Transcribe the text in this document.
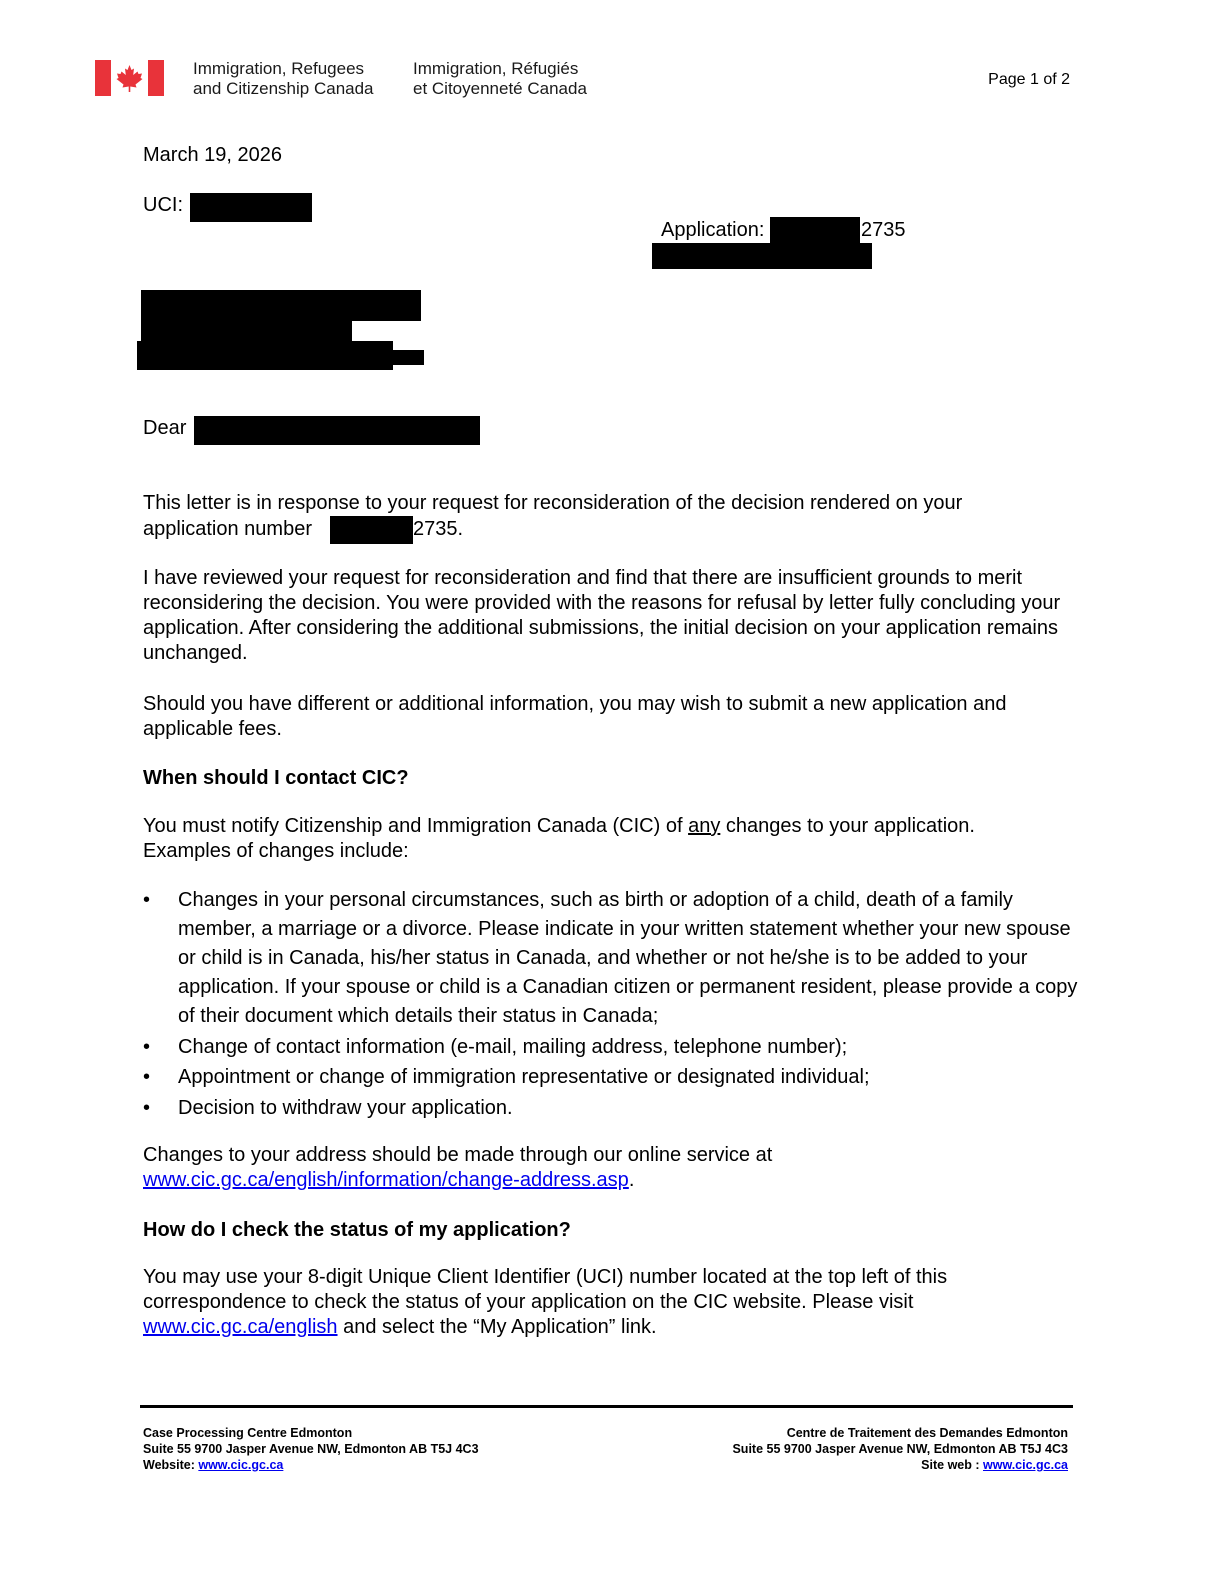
Immigration, Refugees
and Citizenship Canada
Immigration, Réfugiés
et Citoyenneté Canada	Page 1 of 2
March 19, 2026
UCI:
Application:	2735
Dear
This letter is in response to your request for reconsideration of the decision rendered on your
application number	2735.

I have reviewed your request for reconsideration and find that there are insufficient grounds to merit reconsidering the decision. You were provided with the reasons for refusal by letter fully concluding your application. After considering the additional submissions, the initial decision on your application remains unchanged.

Should you have different or additional information, you may wish to submit a new application and applicable fees.

When should I contact CIC?

You must notify Citizenship and Immigration Canada (CIC) of any changes to your application. Examples of changes include:

• Changes in your personal circumstances, such as birth or adoption of a child, death of a family member, a marriage or a divorce. Please indicate in your written statement whether your new spouse or child is in Canada, his/her status in Canada, and whether or not he/she is to be added to your application. If your spouse or child is a Canadian citizen or permanent resident, please provide a copy of their document which details their status in Canada;
• Change of contact information (e-mail, mailing address, telephone number);
• Appointment or change of immigration representative or designated individual;
• Decision to withdraw your application.

Changes to your address should be made through our online service at
www.cic.gc.ca/english/information/change-address.asp.

How do I check the status of my application?

You may use your 8-digit Unique Client Identifier (UCI) number located at the top left of this correspondence to check the status of your application on the CIC website. Please visit www.cic.gc.ca/english and select the “My Application” link.

Case Processing Centre Edmonton
Suite 55 9700 Jasper Avenue NW, Edmonton AB T5J 4C3
Website: www.cic.gc.ca
Centre de Traitement des Demandes Edmonton
Suite 55 9700 Jasper Avenue NW, Edmonton AB T5J 4C3
Site web : www.cic.gc.ca
